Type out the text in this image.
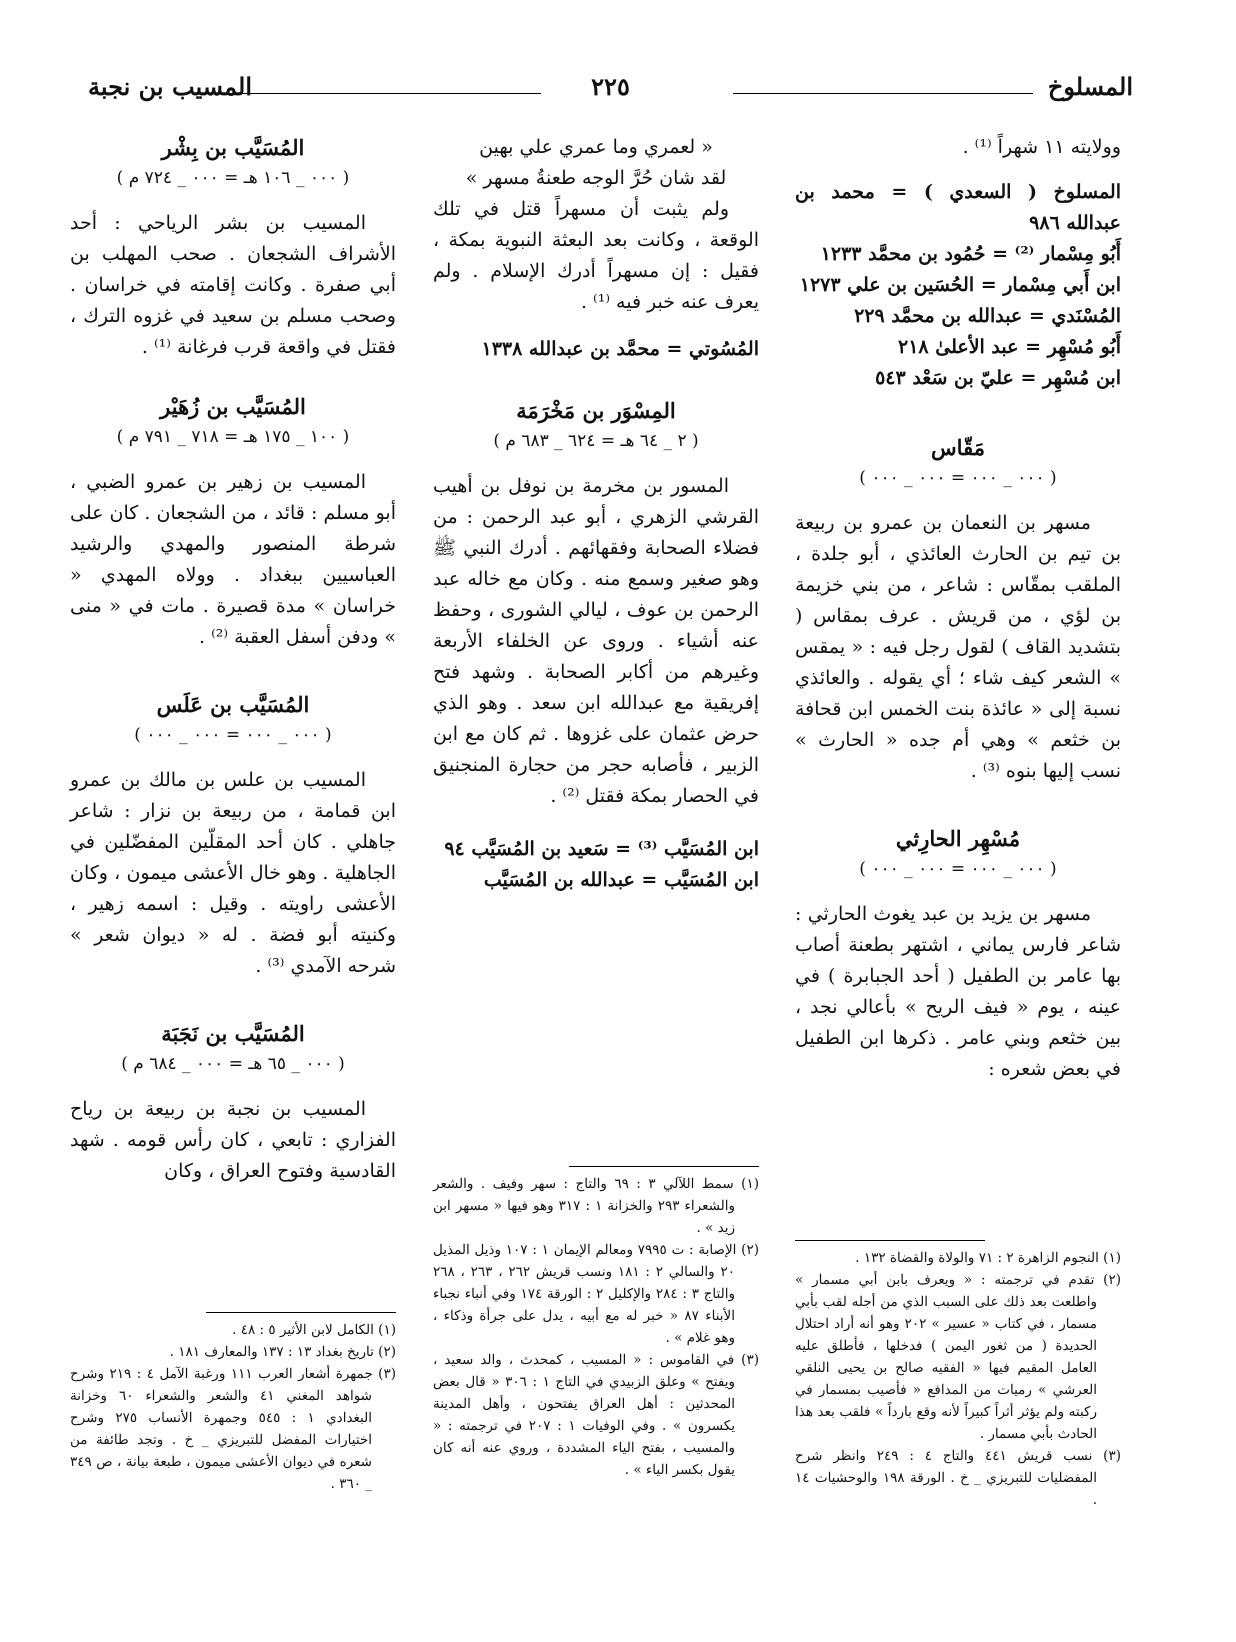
المسلوخ
٢٢٥
المسيب بن نجبة

وولايته ١١ شهراً ⁽¹⁾ .

المسلوخ ( السعدي ) = محمد بن عبدالله ٩٨٦

أَبُو مِسْمار ⁽²⁾ = حُمُود بن محمَّد ١٢٣٣

ابن أَبي مِسْمار = الحُسَين بن علي ١٢٧٣

المُسْنَدي = عبدالله بن محمَّد ٢٢٩

أَبُو مُسْهِر = عبد الأعلىٰ ٢١٨

ابن مُسْهِر = عليّ بن سَعْد ٥٤٣

مَقّاس

( ٠٠٠ _ ٠٠٠ = ٠٠٠ _ ٠٠٠ )

مسهر بن النعمان بن عمرو بن ربيعة بن تيم بن الحارث العائذي ، أبو جلدة ، الملقب بمقّاس : شاعر ، من بني خزيمة بن لؤي ، من قريش . عرف بمقاس ( بتشديد القاف ) لقول رجل فيه : « يمقس » الشعر كيف شاء ؛ أي يقوله . والعائذي نسبة إلى « عائذة بنت الخمس ابن قحافة بن خثعم » وهي أم جده « الحارث » نسب إليها بنوه ⁽³⁾ .

مُسْهِر الحارِثي

( ٠٠٠ _ ٠٠٠ = ٠٠٠ _ ٠٠٠ )

مسهر بن يزيد بن عبد يغوث الحارثي : شاعر فارس يماني ، اشتهر بطعنة أصاب بها عامر بن الطفيل ( أحد الجبابرة ) في عينه ، يوم « فيف الريح » بأعالي نجد ، بين خثعم وبني عامر . ذكرها ابن الطفيل في بعض شعره :

« لعمري وما عمري علي بهين

لقد شان حُرَّ الوجه طعنةُ مسهر »

ولم يثبت أن مسهراً قتل في تلك الوقعة ، وكانت بعد البعثة النبوية بمكة ، فقيل : إن مسهراً أدرك الإسلام . ولم يعرف عنه خبر فيه ⁽¹⁾ .

المُسُوتي = محمَّد بن عبدالله ١٣٣٨

المِسْوَر بن مَخْرَمَة

( ٢ _ ٦٤ هـ = ٦٢٤ _ ٦٨٣ م )

المسور بن مخرمة بن نوفل بن أهيب القرشي الزهري ، أبو عبد الرحمن : من فضلاء الصحابة وفقهائهم . أدرك النبي ﷺ وهو صغير وسمع منه . وكان مع خاله عبد الرحمن بن عوف ، ليالي الشورى ، وحفظ عنه أشياء . وروى عن الخلفاء الأربعة وغيرهم من أكابر الصحابة . وشهد فتح إفريقية مع عبدالله ابن سعد . وهو الذي حرض عثمان على غزوها . ثم كان مع ابن الزبير ، فأصابه حجر من حجارة المنجنيق في الحصار بمكة فقتل ⁽²⁾ .

ابن المُسَيَّب ⁽³⁾ = سَعيد بن المُسَيَّب ٩٤

ابن المُسَيَّب = عبدالله بن المُسَيَّب

المُسَيَّب بن بِشْر

( ٠٠٠ _ ١٠٦ هـ = ٠٠٠ _ ٧٢٤ م )

المسيب بن بشر الرياحي : أحد الأشراف الشجعان . صحب المهلب بن أبي صفرة . وكانت إقامته في خراسان . وصحب مسلم بن سعيد في غزوه الترك ، فقتل في واقعة قرب فرغانة ⁽¹⁾ .

المُسَيَّب بن زُهَيْر

( ١٠٠ _ ١٧٥ هـ = ٧١٨ _ ٧٩١ م )

المسيب بن زهير بن عمرو الضبي ، أبو مسلم : قائد ، من الشجعان . كان على شرطة المنصور والمهدي والرشيد العباسيين ببغداد . وولاه المهدي « خراسان » مدة قصيرة . مات في « منى » ودفن أسفل العقبة ⁽²⁾ .

المُسَيَّب بن عَلَس

( ٠٠٠ _ ٠٠٠ = ٠٠٠ _ ٠٠٠ )

المسيب بن علس بن مالك بن عمرو ابن قمامة ، من ربيعة بن نزار : شاعر جاهلي . كان أحد المقلّين المفضّلين في الجاهلية . وهو خال الأعشى ميمون ، وكان الأعشى راويته . وقيل : اسمه زهير ، وكنيته أبو فضة . له « ديوان شعر » شرحه الآمدي ⁽³⁾ .

المُسَيَّب بن نَجَبَة

( ٠٠٠ _ ٦٥ هـ = ٠٠٠ _ ٦٨٤ م )

المسيب بن نجبة بن ربيعة بن رياح الفزاري : تابعي ، كان رأس قومه . شهد القادسية وفتوح العراق ، وكان

(١) النجوم الزاهرة ٢ : ٧١ والولاة والقضاة ١٣٢ .

(٢) تقدم في ترجمته : « ويعرف بابن أبي مسمار » واطلعت بعد ذلك على السبب الذي من أجله لقب بأبي مسمار ، في كتاب « عسير » ٢٠٢ وهو أنه أراد احتلال الحديدة ( من ثغور اليمن ) فدخلها ، فأطلق عليه العامل المقيم فيها « الفقيه صالح بن يحيى النلقي العرشي » رميات من المدافع « فأصيب بمسمار في ركبته ولم يؤثر أثراً كبيراً لأنه وقع بارداً » فلقب بعد هذا الحادث بأبي مسمار .

(٣) نسب قريش ٤٤١ والتاج ٤ : ٢٤٩ وانظر شرح المفضليات للتبريزي _ خ . الورقة ١٩٨ والوحشيات ١٤ .

(١) سمط اللآلي ٣ : ٦٩ والتاج : سهر وفيف . والشعر والشعراء ٢٩٣ والخزانة ١ : ٣١٧ وهو فيها « مسهر ابن زيد » .

(٢) الإصابة : ت ٧٩٩٥ ومعالم الإيمان ١ : ١٠٧ وذيل المذيل ٢٠ والسالي ٢ : ١٨١ ونسب قريش ٢٦٢ ، ٢٦٣ ، ٢٦٨ والتاج ٣ : ٢٨٤ والإكليل ٢ : الورقة ١٧٤ وفي أنباء نجباء الأبناء ٨٧ « خبر له مع أبيه ، يدل على جرأة وذكاء ، وهو غلام » .

(٣) في القاموس : « المسيب ، كمحدث ، والد سعيد ، ويفتح » وعلق الزبيدي في التاج ١ : ٣٠٦ « قال بعض المحدثين : أهل العراق يفتحون ، وأهل المدينة يكسرون » . وفي الوفيات ١ : ٢٠٧ في ترجمته : « والمسيب ، بفتح الياء المشددة ، وروي عنه أنه كان يقول بكسر الياء » .

(١) الكامل لابن الأثير ٥ : ٤٨ .

(٢) تاريخ بغداد ١٣ : ١٣٧ والمعارف ١٨١ .

(٣) جمهرة أشعار العرب ١١١ ورغبة الآمل ٤ : ٢١٩ وشرح شواهد المغني ٤١ والشعر والشعراء ٦٠ وخزانة البغدادي ١ : ٥٤٥ وجمهرة الأنساب ٢٧٥ وشرح اختيارات المفضل للتبريزي _ خ . وتجد طائفة من شعره في ديوان الأعشى ميمون ، طبعة بيانة ، ص ٣٤٩ _ ٣٦٠ .
